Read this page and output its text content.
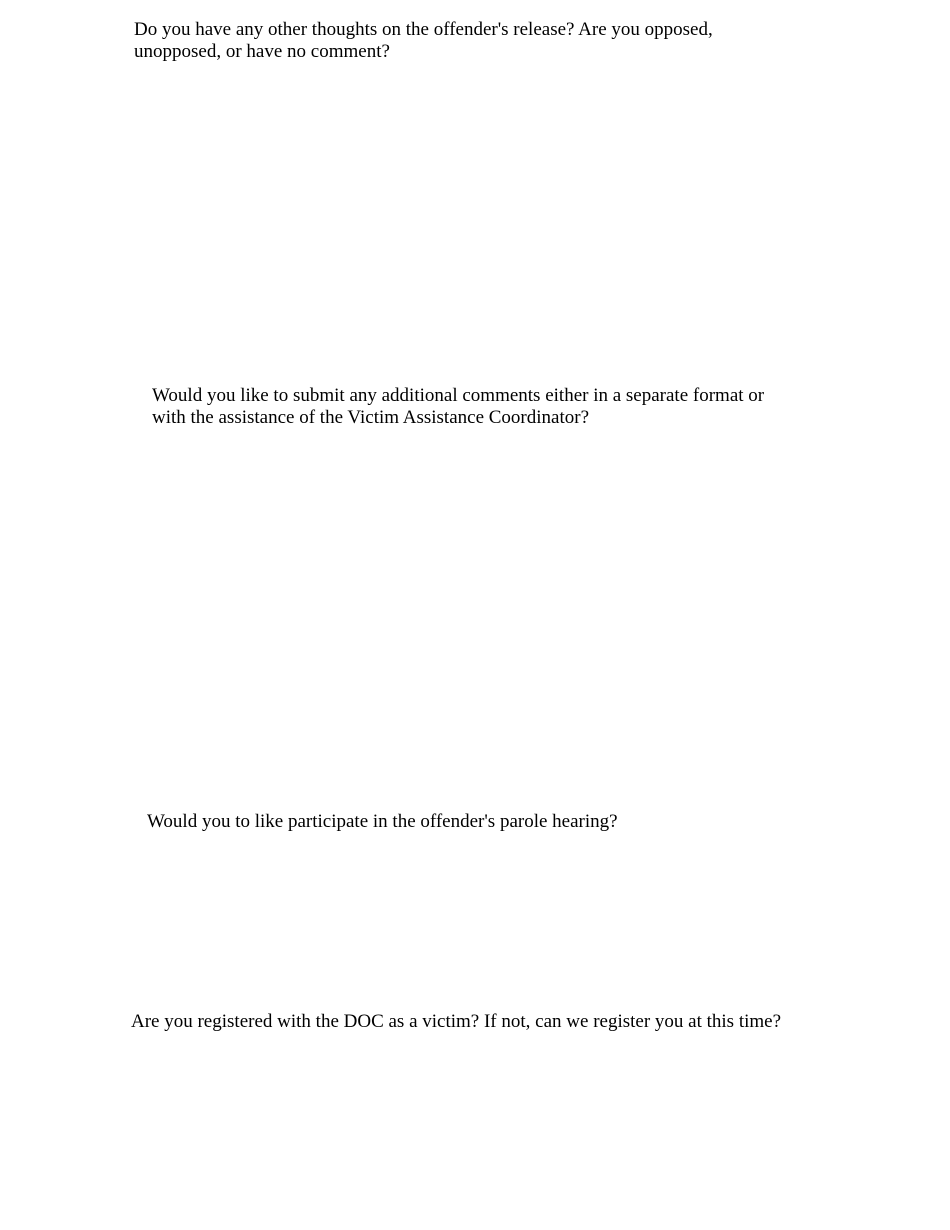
Do you have any other thoughts on the offender's release? Are you opposed, unopposed, or have no comment?

Would you like to submit any additional comments either in a separate format or with the assistance of the Victim Assistance Coordinator?

Would you to like participate in the offender's parole hearing?

Are you registered with the DOC as a victim? If not, can we register you at this time?
